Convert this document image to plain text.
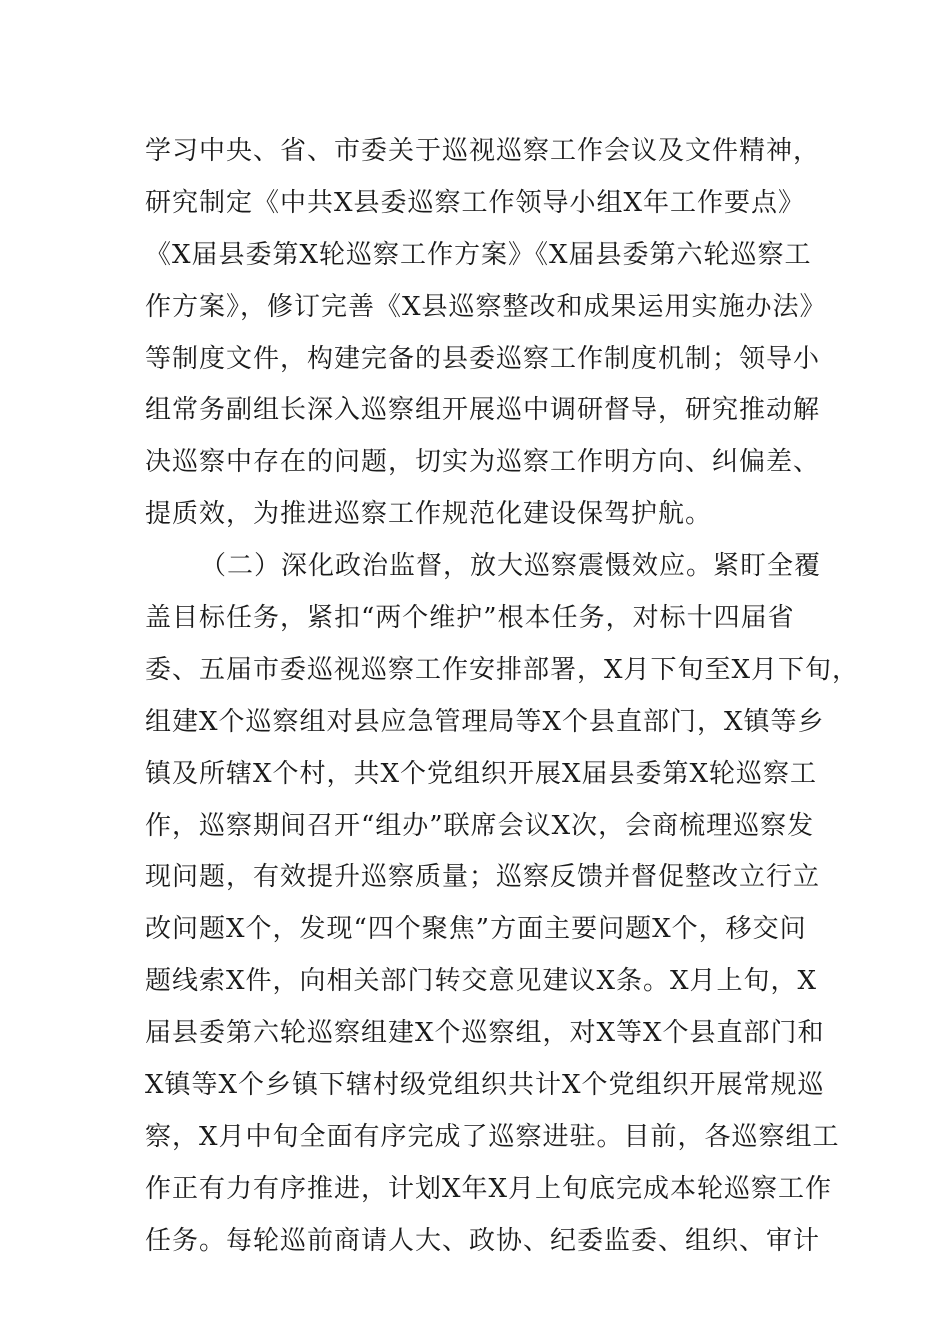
学习中央、省、市委关于巡视巡察工作会议及文件精神，
研究制定《中共X县委巡察工作领导小组X年工作要点》
《X届县委第X轮巡察工作方案》《X届县委第六轮巡察工
作方案》，修订完善《X县巡察整改和成果运用实施办法》
等制度文件，构建完备的县委巡察工作制度机制；领导小
组常务副组长深入巡察组开展巡中调研督导，研究推动解
决巡察中存在的问题，切实为巡察工作明方向、纠偏差、
提质效，为推进巡察工作规范化建设保驾护航。
（二）深化政治监督，放大巡察震慑效应。紧盯全覆
盖目标任务，紧扣“两个维护”根本任务，对标十四届省
委、五届市委巡视巡察工作安排部署，X月下旬至X月下旬，
组建X个巡察组对县应急管理局等X个县直部门，X镇等乡
镇及所辖X个村，共X个党组织开展X届县委第X轮巡察工
作，巡察期间召开“组办”联席会议X次，会商梳理巡察发
现问题，有效提升巡察质量；巡察反馈并督促整改立行立
改问题X个，发现“四个聚焦”方面主要问题X个，移交问
题线索X件，向相关部门转交意见建议X条。X月上旬，X
届县委第六轮巡察组建X个巡察组，对X等X个县直部门和
X镇等X个乡镇下辖村级党组织共计X个党组织开展常规巡
察，X月中旬全面有序完成了巡察进驻。目前，各巡察组工
作正有力有序推进，计划X年X月上旬底完成本轮巡察工作
任务。每轮巡前商请人大、政协、纪委监委、组织、审计
